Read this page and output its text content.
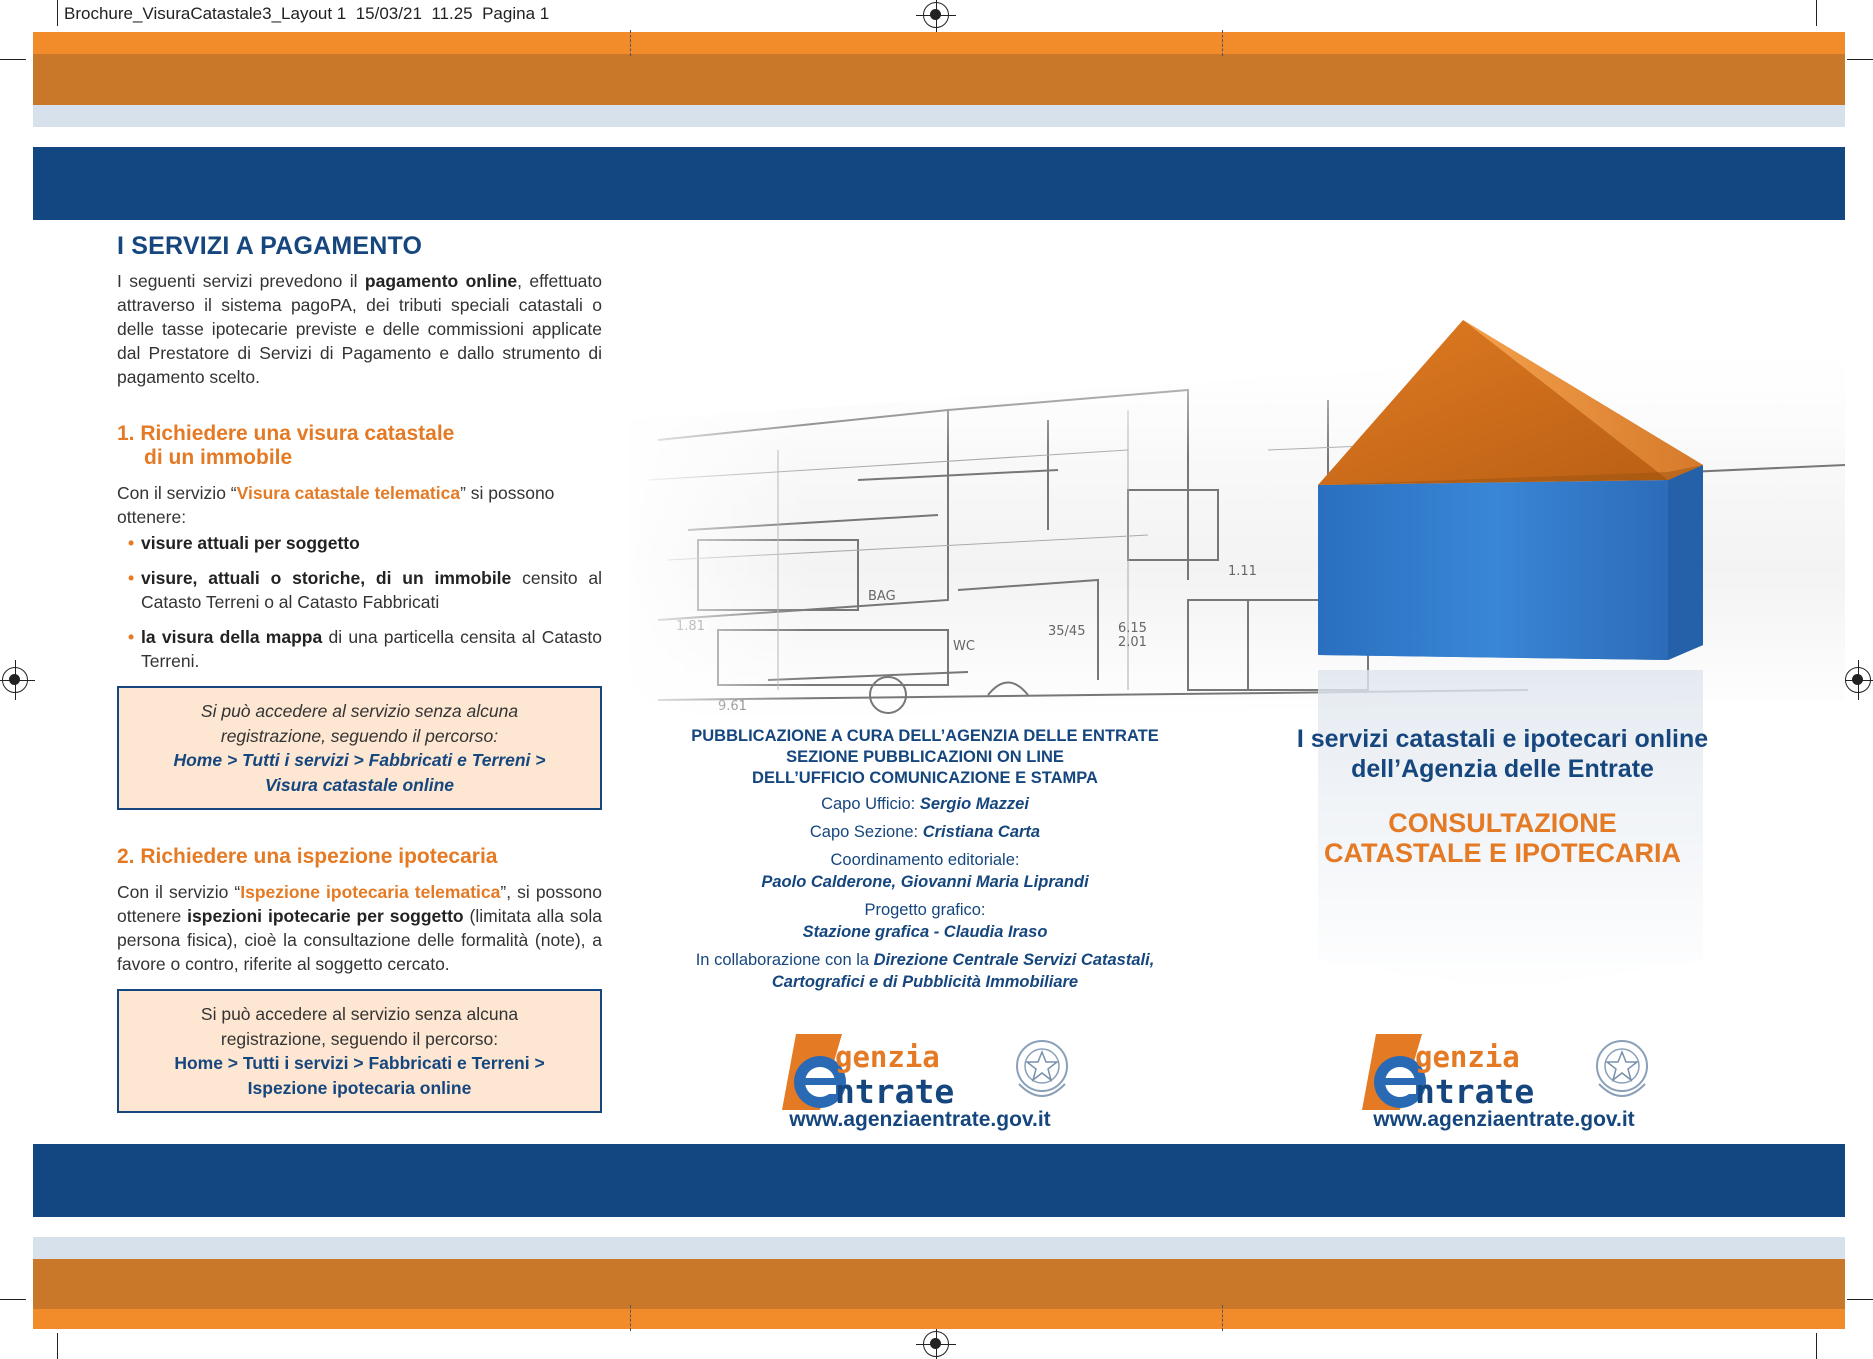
Brochure_VisuraCatastale3_Layout 1 15/03/21 11.25 Pagina 1
I SERVIZI A PAGAMENTO

I seguenti servizi prevedono il pagamento online, effettuato attraverso il sistema pagoPA, dei tributi speciali catastali o delle tasse ipotecarie previste e delle commissioni applicate dal Prestatore di Servizi di Pagamento e dallo strumento di pagamento scelto.

1. Richiedere una visura catastale
di un immobile

Con il servizio “Visura catastale telematica” si possono ottenere:

• visure attuali per soggetto
• visure, attuali o storiche, di un immobile censito al Catasto Terreni o al Catasto Fabbricati
• la visura della mappa di una particella censita al Catasto Terreni.
Si può accedere al servizio senza alcuna
registrazione, seguendo il percorso:
Home > Tutti i servizi > Fabbricati e Terreni >
Visura catastale online
2. Richiedere una ispezione ipotecaria

Con il servizio “Ispezione ipotecaria telematica”, si possono ottenere ispezioni ipotecarie per soggetto (limitata alla sola persona fisica), cioè la consultazione delle formalità (note), a favore o contro, riferite al soggetto cercato.

Si può accedere al servizio senza alcuna
registrazione, seguendo il percorso:
Home > Tutti i servizi > Fabbricati e Terreni >
Ispezione ipotecaria online
PUBBLICAZIONE A CURA DELL’AGENZIA DELLE ENTRATE
SEZIONE PUBBLICAZIONI ON LINE
DELL’UFFICIO COMUNICAZIONE E STAMPA
Capo Ufficio: Sergio Mazzei
Capo Sezione: Cristiana Carta
Coordinamento editoriale:
Paolo Calderone, Giovanni Maria Liprandi
Progetto grafico:
Stazione grafica - Claudia Iraso
In collaborazione con la Direzione Centrale Servizi Catastali,
Cartografici e di Pubblicità Immobiliare
I servizi catastali e ipotecari online
dell’Agenzia delle Entrate
CONSULTAZIONE
CATASTALE E IPOTECARIA
genzia
ntrate
www.agenziaentrate.gov.it
genzia
ntrate
www.agenziaentrate.gov.it
